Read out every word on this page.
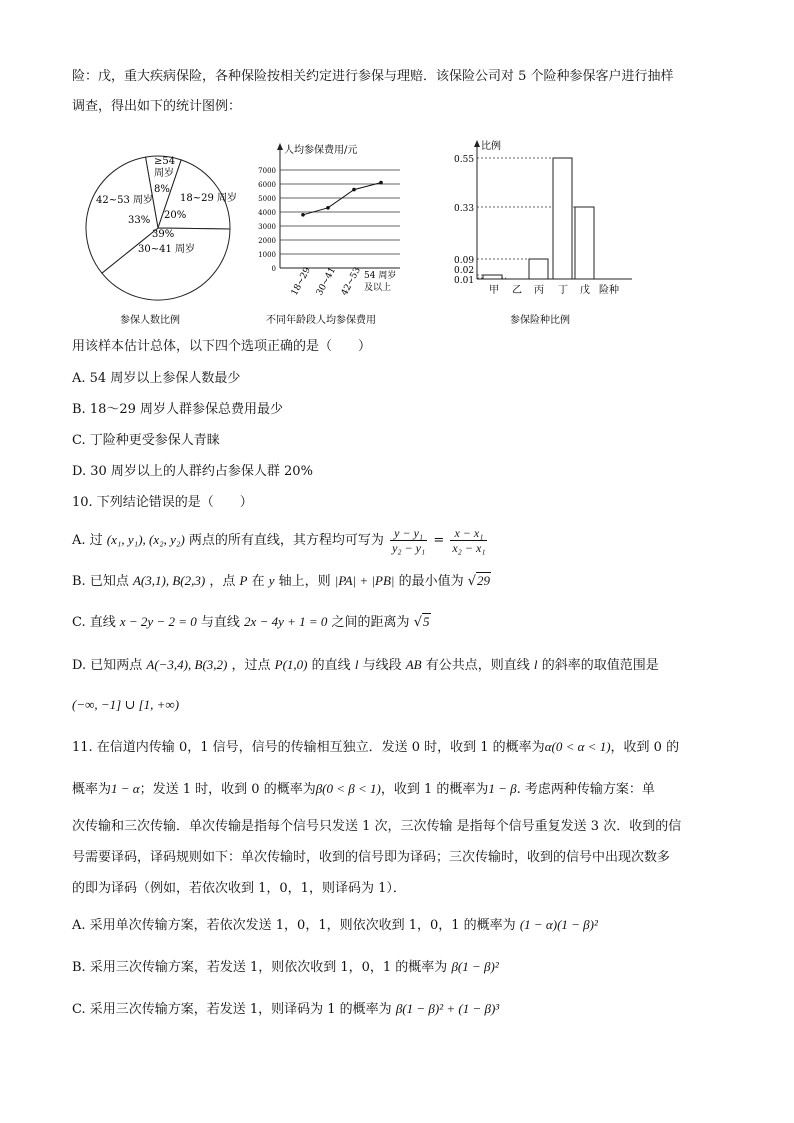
险：戊，重大疾病保险，各种保险按相关约定进行参保与理赔．该保险公司对 5 个险种参保客户进行抽样
调查，得出如下的统计图例：
≥54
周岁
8%
18~29 周岁
20%
42~53 周岁
33%
39%
30~41 周岁
参保人数比例
7000
6000
5000
4000
3000
2000
1000
0
人均参保费用/元
18~29 30~41 42~53 54 周岁
及以上
不同年龄段人均参保费用
比例
0.55
0.33
0.09
0.02
0.01
甲 乙 丙 丁 戊 险种
参保险种比例
用该样本估计总体，以下四个选项正确的是（　　）
A. 54 周岁以上参保人数最少
B. 18～29 周岁人群参保总费用最少
C. 丁险种更受参保人青睐
D. 30 周岁以上的人群约占参保人群 20%
10. 下列结论错误的是（　　）
A. 过 (x₁, y₁), (x₂, y₂) 两点的所有直线，其方程均可写为 $\frac{\text{y − y₁}}{\text{y₂ − y₁}} = \frac{\text{x − x₁}}{\text{x₂ − x₁}}$
B. 已知点 A(3,1), B(2,3) ，点 P 在 y 轴上，则 |PA| + |PB| 的最小值为 √29
C. 直线 x − 2y − 2 = 0 与直线 2x − 4y + 1 = 0 之间的距离为 √5
D. 已知两点 A(−3,4), B(3,2) ，过点 P(1,0) 的直线 l 与线段 AB 有公共点，则直线 l 的斜率的取值范围是
(−∞, −1] ∪ [1, +∞)
11. 在信道内传输 0，1 信号，信号的传输相互独立．发送 0 时，收到 1 的概率为α(0 < α < 1)，收到 0 的
概率为1 − α；发送 1 时，收到 0 的概率为β(0 < β < 1)，收到 1 的概率为1 − β. 考虑两种传输方案：单
次传输和三次传输．单次传输是指每个信号只发送 1 次，三次传输 是指每个信号重复发送 3 次．收到的信
号需要译码，译码规则如下：单次传输时，收到的信号即为译码；三次传输时，收到的信号中出现次数多
的即为译码（例如，若依次收到 1，0，1，则译码为 1）．
A. 采用单次传输方案，若依次发送 1，0，1，则依次收到 1，0，1 的概率为 (1 − α)(1 − β)²
B. 采用三次传输方案，若发送 1，则依次收到 1，0，1 的概率为 β(1 − β)²
C. 采用三次传输方案，若发送 1，则译码为 1 的概率为 β(1 − β)² + (1 − β)³
